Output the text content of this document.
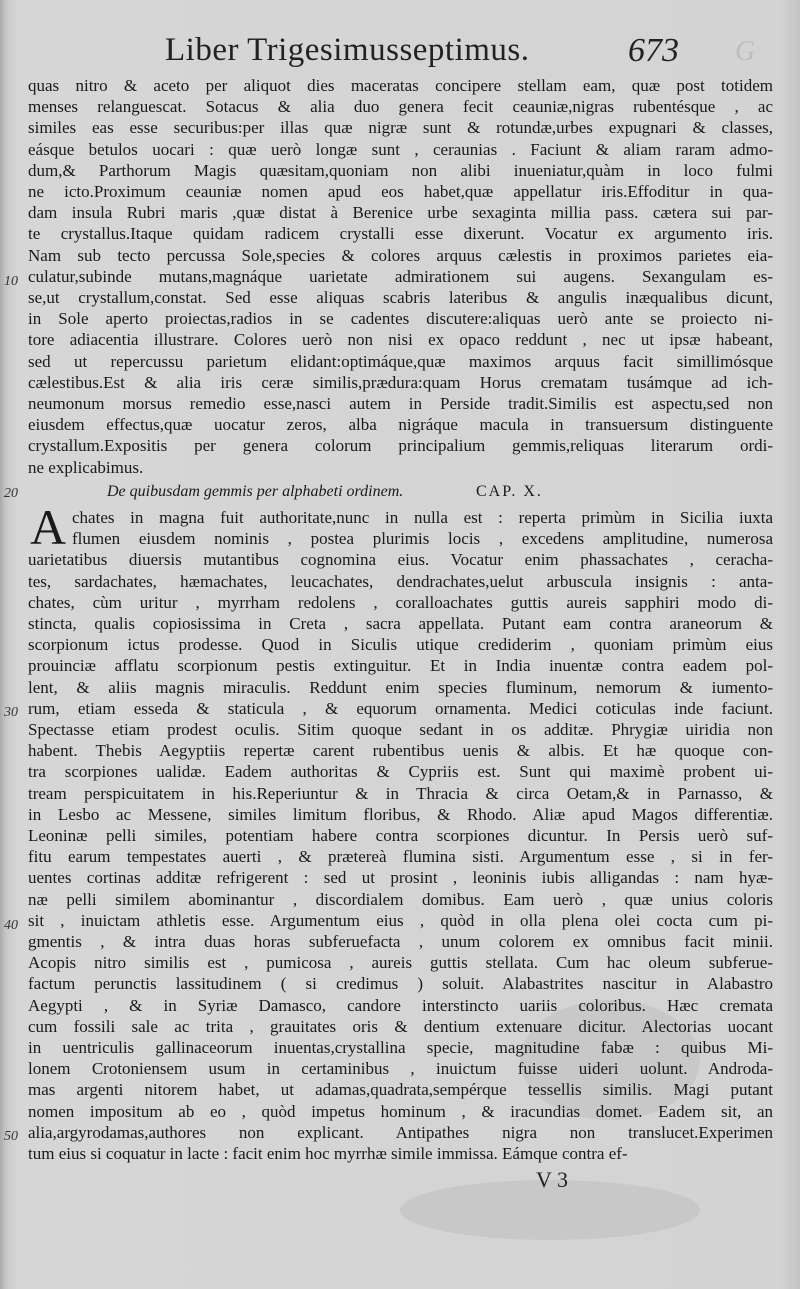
Liber Trigesimusseptimus.	673 G
quas nitro & aceto per aliquot dies maceratas concipere stellam eam, quæ post totidem
menses relanguescat. Sotacus & alia duo genera fecit ceauniæ,nigras rubentésque , ac
similes eas esse securibus:per illas quæ nigræ sunt & rotundæ,urbes expugnari & classes,
eásque betulos uocari : quæ uerò longæ sunt , ceraunias . Faciunt & aliam raram admo-
dum,& Parthorum Magis quæsitam,quoniam non alibi inueniatur,quàm in loco fulmi
ne icto.Proximum ceauniæ nomen apud eos habet,quæ appellatur iris.Effoditur in qua-
dam insula Rubri maris ,quæ distat à Berenice urbe sexaginta millia pass. cætera sui par-
te crystallus.Itaque quidam radicem crystalli esse dixerunt. Vocatur ex argumento iris.
Nam sub tecto percussa Sole,species & colores arquus cælestis in proximos parietes eia-
culatur,subinde mutans,magnáque uarietate admirationem sui augens. Sexangulam es-
se,ut crystallum,constat. Sed esse aliquas scabris lateribus & angulis inæqualibus dicunt,
in Sole aperto proiectas,radios in se cadentes discutere:aliquas uerò ante se proiecto ni-
tore adiacentia illustrare. Colores uerò non nisi ex opaco reddunt , nec ut ipsæ habeant,
sed ut repercussu parietum elidant:optimáque,quæ maximos arquus facit simillimósque
cælestibus.Est & alia iris ceræ similis,prædura:quam Horus crematam tusámque ad ich-
neumonum morsus remedio esse,nasci autem in Perside tradit.Similis est aspectu,sed non
eiusdem effectus,quæ uocatur zeros, alba nigráque macula in transuersum distinguente
crystallum.Expositis per genera colorum principalium gemmis,reliquas literarum ordi-
ne explicabimus.
chates in magna fuit authoritate,nunc in nulla est : reperta primùm in Sicilia iuxta
flumen eiusdem nominis , postea plurimis locis , excedens amplitudine, numerosa
uarietatibus diuersis mutantibus cognomina eius. Vocatur enim phassachates , ceracha-
tes, sardachates, hæmachates, leucachates, dendrachates,uelut arbuscula insignis : anta-
chates, cùm uritur , myrrham redolens , coralloachates guttis aureis sapphiri modo di-
stincta, qualis copiosissima in Creta , sacra appellata. Putant eam contra araneorum &
scorpionum ictus prodesse. Quod in Siculis utique crediderim , quoniam primùm eius
prouinciæ afflatu scorpionum pestis extinguitur. Et in India inuentæ contra eadem pol-
lent, & aliis magnis miraculis. Reddunt enim species fluminum, nemorum & iumento-
rum, etiam esseda & staticula , & equorum ornamenta. Medici coticulas inde faciunt.
Spectasse etiam prodest oculis. Sitim quoque sedant in os additæ. Phrygiæ uiridia non
habent. Thebis Aegyptiis repertæ carent rubentibus uenis & albis. Et hæ quoque con-
tra scorpiones ualidæ. Eadem authoritas & Cypriis est. Sunt qui maximè probent ui-
tream perspicuitatem in his.Reperiuntur & in Thracia & circa Oetam,& in Parnasso, &
in Lesbo ac Messene, similes limitum floribus, & Rhodo. Aliæ apud Magos differentiæ.
Leoninæ pelli similes, potentiam habere contra scorpiones dicuntur. In Persis uerò suf-
fitu earum tempestates auerti , & prætereà flumina sisti. Argumentum esse , si in fer-
uentes cortinas additæ refrigerent : sed ut prosint , leoninis iubis alligandas : nam hyæ-
næ pelli similem abominantur , discordialem domibus. Eam uerò , quæ unius coloris
sit , inuictam athletis esse. Argumentum eius , quòd in olla plena olei cocta cum pi-
gmentis , & intra duas horas subferuefacta , unum colorem ex omnibus facit minii.
Acopis nitro similis est , pumicosa , aureis guttis stellata. Cum hac oleum subferue-
factum perunctis lassitudinem ( si credimus ) soluit. Alabastrites nascitur in Alabastro
Aegypti , & in Syriæ Damasco, candore interstincto uariis coloribus. Hæc cremata
cum fossili sale ac trita , grauitates oris & dentium extenuare dicitur. Alectorias uocant
in uentriculis gallinaceorum inuentas,crystallina specie, magnitudine fabæ : quibus Mi-
lonem Crotoniensem usum in certaminibus , inuictum fuisse uideri uolunt. Androda-
mas argenti nitorem habet, ut adamas,quadrata,sempérque tessellis similis. Magi putant
nomen impositum ab eo , quòd impetus hominum , & iracundias domet. Eadem sit, an
alia,argyrodamas,authores non explicant. Antipathes nigra non translucet.Experimen
tum eius si coquatur in lacte : facit enim hoc myrrhæ simile immissa. Eámque contra ef-
10
20
30
40
50
De quibusdam gemmis per alphabeti ordinem.	CAP. X.
A
V 3
